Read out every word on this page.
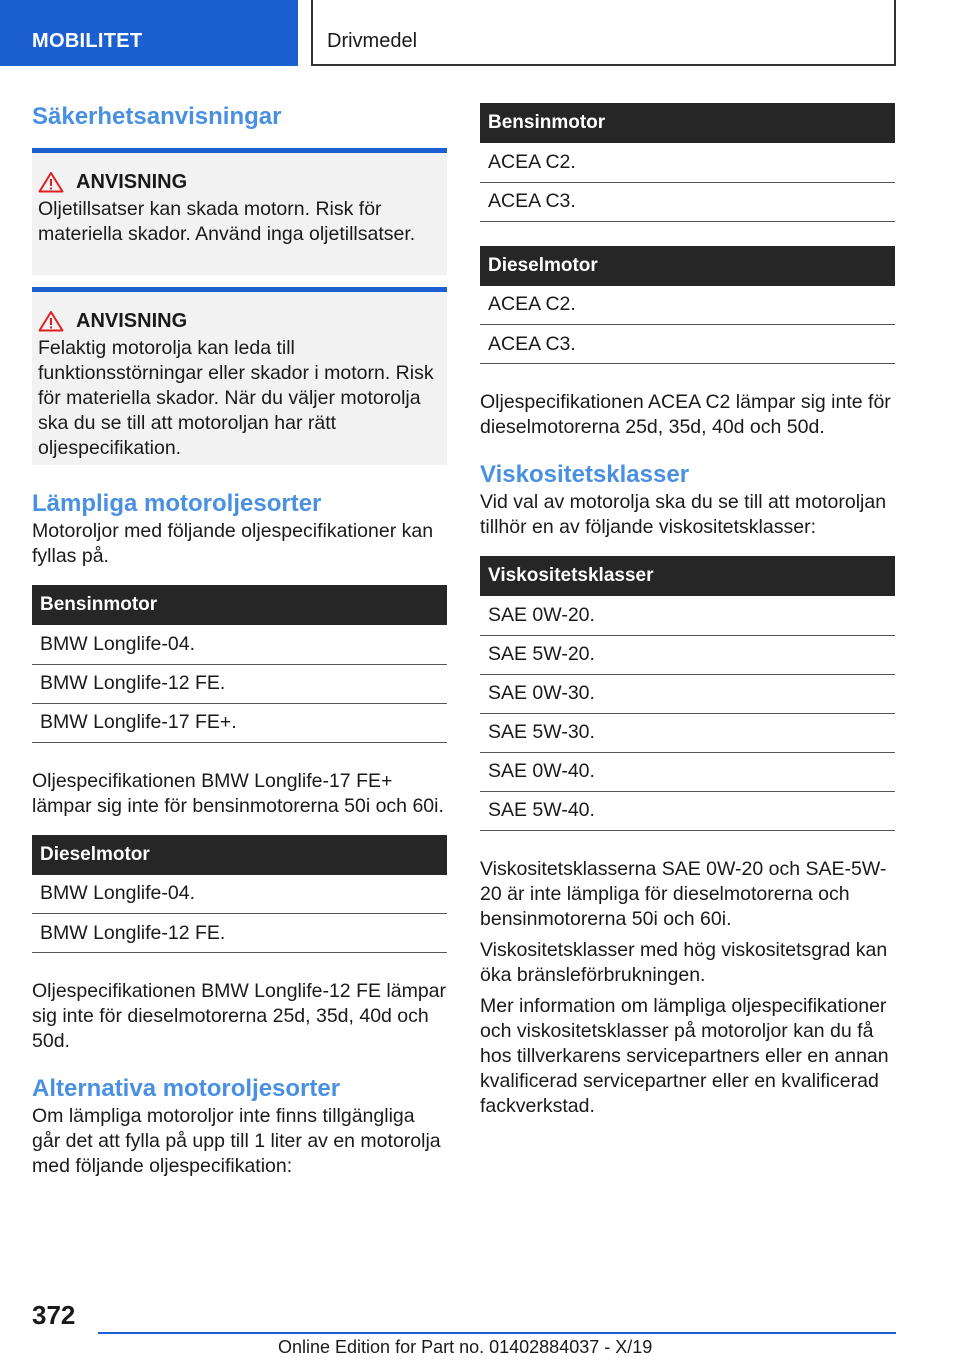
MOBILITET	Drivmedel
Säkerhetsanvisningar
ANVISNING
Oljetillsatser kan skada motorn. Risk för materiella skador. Använd inga oljetillsatser.
ANVISNING
Felaktig motorolja kan leda till funktionsstörningar eller skador i motorn. Risk för materiella skador. När du väljer motorolja ska du se till att motoroljan har rätt oljespecifikation.
Lämpliga motoroljesorter

Motoroljor med följande oljespecifikationer kan fyllas på.

Bensinmotor
BMW Longlife-04.
BMW Longlife-12 FE.
BMW Longlife-17 FE+.

Oljespecifikationen BMW Longlife-17 FE+ lämpar sig inte för bensinmotorerna 50i och 60i.

Dieselmotor
BMW Longlife-04.
BMW Longlife-12 FE.

Oljespecifikationen BMW Longlife-12 FE lämpar sig inte för dieselmotorerna 25d, 35d, 40d och 50d.

Alternativa motoroljesorter

Om lämpliga motoroljor inte finns tillgängliga går det att fylla på upp till 1 liter av en motorolja med följande oljespecifikation:

Bensinmotor
ACEA C2.
ACEA C3.
Dieselmotor
ACEA C2.
ACEA C3.

Oljespecifikationen ACEA C2 lämpar sig inte för dieselmotorerna 25d, 35d, 40d och 50d.

Viskositetsklasser

Vid val av motorolja ska du se till att motoroljan tillhör en av följande viskositetsklasser:

Viskositetsklasser
SAE 0W-20.
SAE 5W-20.
SAE 0W-30.
SAE 5W-30.
SAE 0W-40.
SAE 5W-40.

Viskositetsklasserna SAE 0W-20 och SAE-5W-20 är inte lämpliga för dieselmotorerna och bensinmotorerna 50i och 60i.

Viskositetsklasser med hög viskositetsgrad kan öka bränsleförbrukningen.

Mer information om lämpliga oljespecifikationer och viskositetsklasser på motoroljor kan du få hos tillverkarens servicepartners eller en annan kvalificerad servicepartner eller en kvalificerad fackverkstad.

372
Online Edition for Part no. 01402884037 - X/19
